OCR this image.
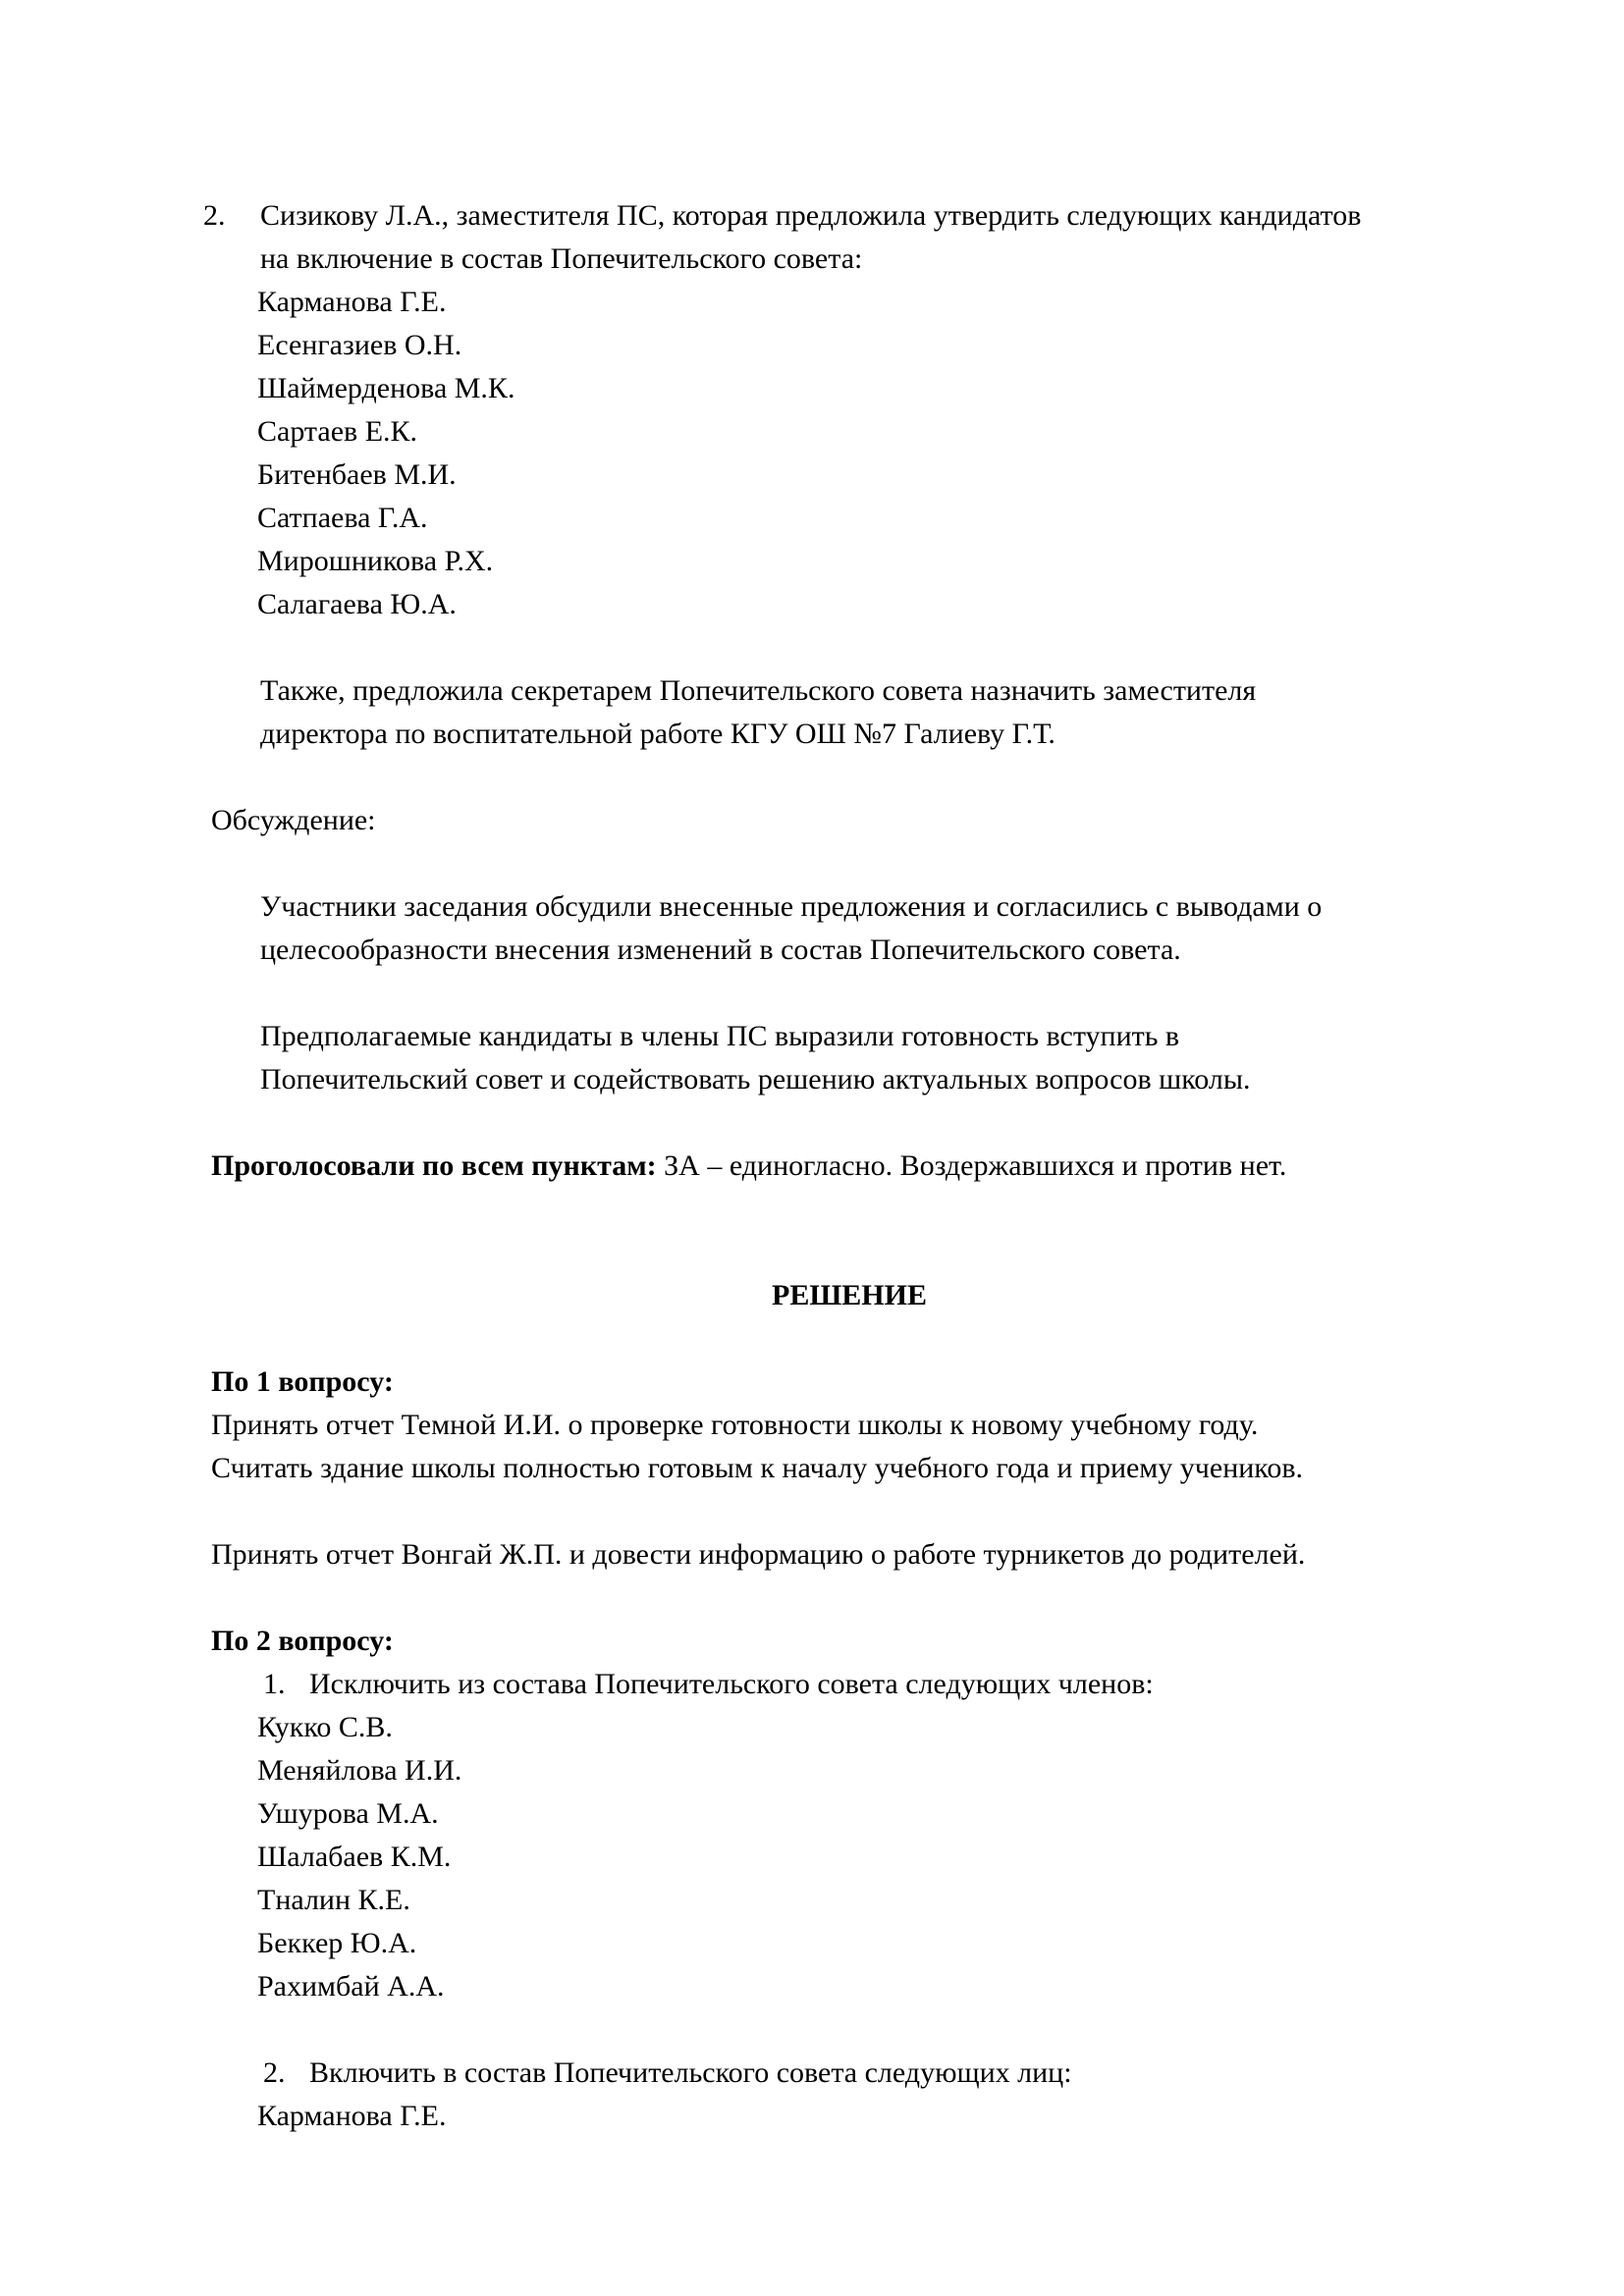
2. Сизикову Л.А., заместителя ПС, которая предложила утвердить следующих кандидатов
на включение в состав Попечительского совета:
Карманова Г.Е.
Есенгазиев О.Н.
Шаймерденова М.К.
Сартаев Е.К.
Битенбаев М.И.
Сатпаева Г.А.
Мирошникова Р.Х.
Салагаева Ю.А.
Также, предложила секретарем Попечительского совета назначить заместителя
директора по воспитательной работе КГУ ОШ №7 Галиеву Г.Т.
Обсуждение:
Участники заседания обсудили внесенные предложения и согласились с выводами о
целесообразности внесения изменений в состав Попечительского совета.
Предполагаемые кандидаты в члены ПС выразили готовность вступить в
Попечительский совет и содействовать решению актуальных вопросов школы.
Проголосовали по всем пунктам: ЗА – единогласно. Воздержавшихся и против нет.
РЕШЕНИЕ
По 1 вопросу:
Принять отчет Темной И.И. о проверке готовности школы к новому учебному году.
Считать здание школы полностью готовым к началу учебного года и приему учеников.
Принять отчет Вонгай Ж.П. и довести информацию о работе турникетов до родителей.
По 2 вопросу:
1. Исключить из состава Попечительского совета следующих членов:
Кукко С.В.
Меняйлова И.И.
Ушурова М.А.
Шалабаев К.М.
Тналин К.Е.
Беккер Ю.А.
Рахимбай А.А.
2. Включить в состав Попечительского совета следующих лиц:
Карманова Г.Е.
